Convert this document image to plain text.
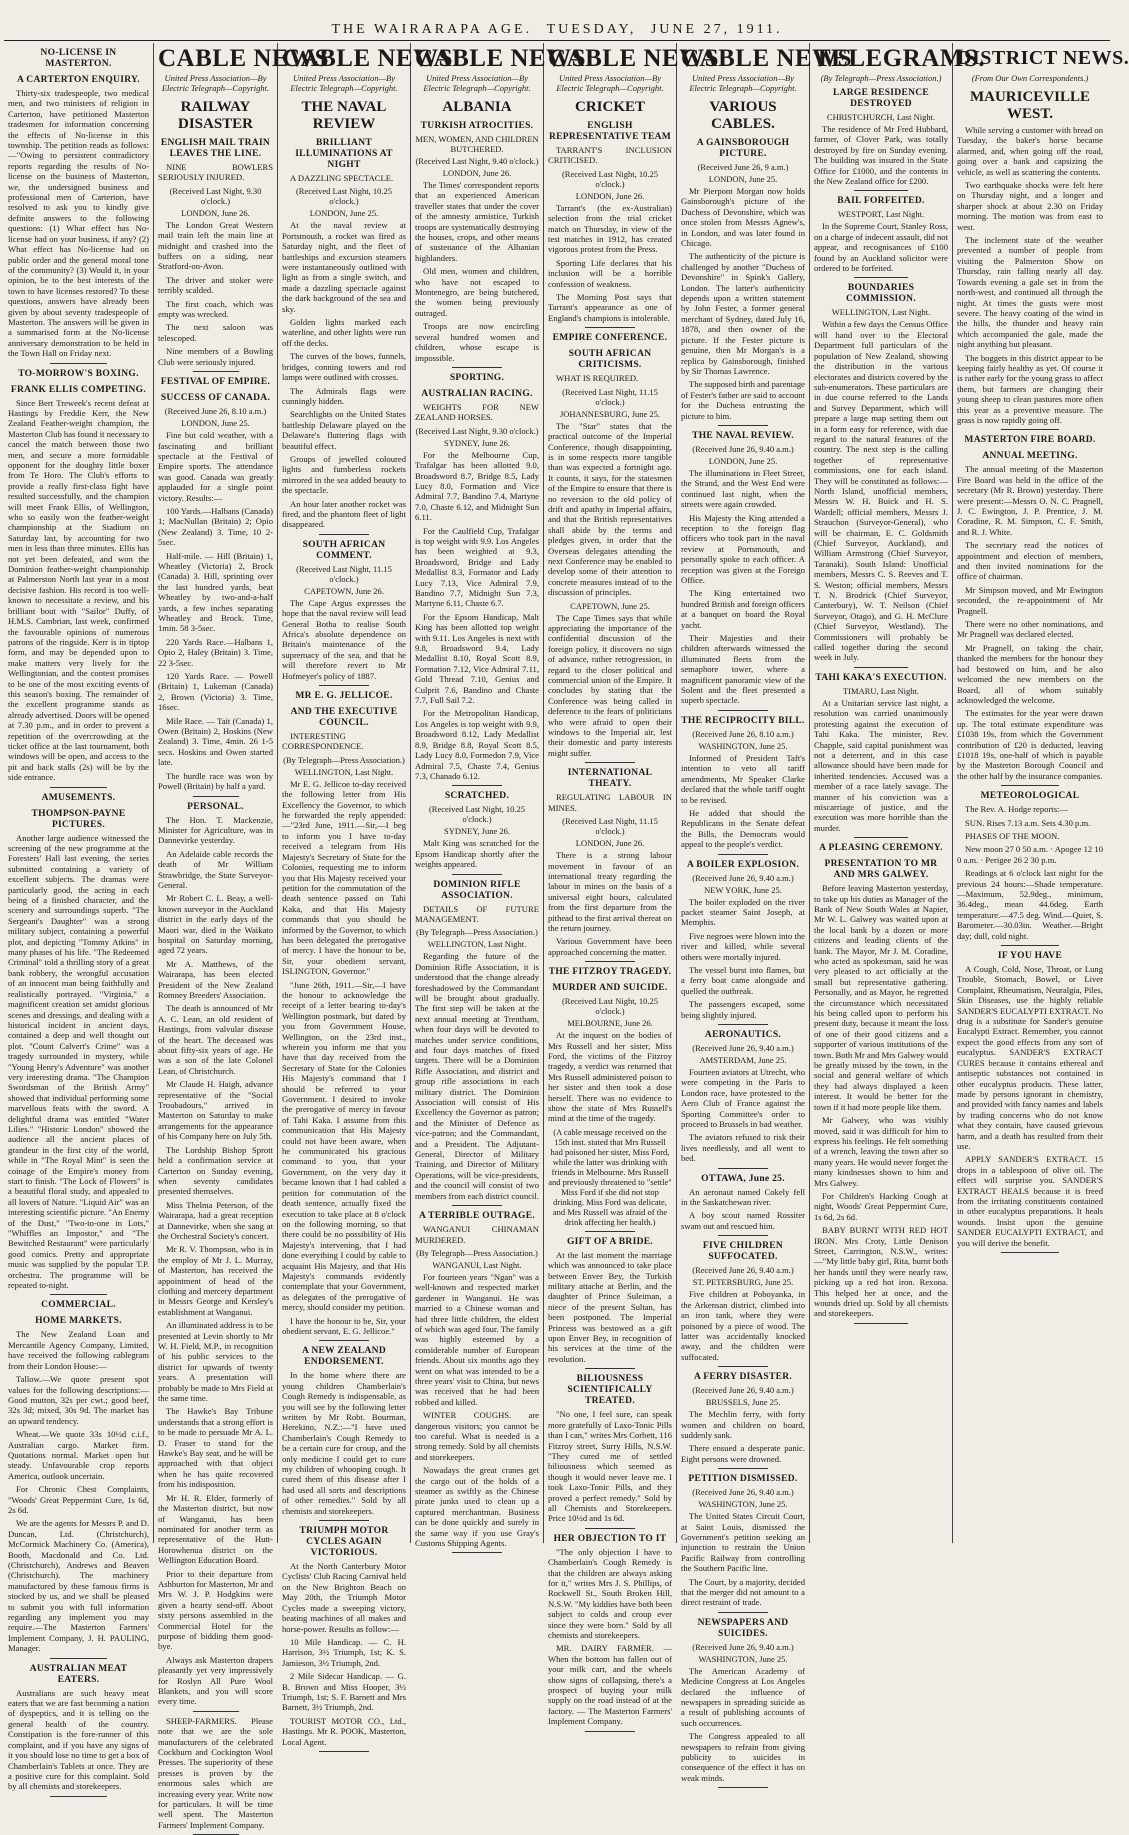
THE WAIRARAPA AGE. TUESDAY, JUNE 27, 1911.
NO-LICENSE IN MASTERTON.
A CARTERTON ENQUIRY.

Thirty-six tradespeople, two medical men, and two ministers of religion in Carterton, have petitioned Masterton tradesmen for information concerning the effects of No-license in this township. The petition reads as follows:—"Owing to persistent contradictory reports regarding the results of No-license on the business of Masterton, we, the undersigned business and professional men of Carterton, have resolved to ask you to kindly give definite answers to the following questions: (1) What effect has No-license had on your business, if any? (2) What effect has No-license had on public order and the general moral tone of the community? (3) Would it, in your opinion, be to the best interests of the town to have licenses restored? To these questions, answers have already been given by about seventy tradespeople of Masterton. The answers will be given in a summarised form at the No-license anniversary demonstration to be held in the Town Hall on Friday next.

TO-MORROW'S BOXING.
FRANK ELLIS COMPETING.

Since Bert Treweek's recent defeat at Hastings by Freddie Kerr, the New Zealand Feather-weight champion, the Masterton Club has found it necessary to cancel the match between those two men, and secure a more formidable opponent for the doughty little boxer from Te Horo. The Club's efforts to provide a really first-class fight have resulted successfully, and the champion will meet Frank Ellis, of Wellington, who so easily won the feather-weight championship at the Stadium on Saturday last, by accounting for two men in less than three minutes. Ellis has not yet been defeated, and won the Dominion feather-weight championship at Palmerston North last year in a most decisive fashion. His record is too well-known to necessitate a review, and his brilliant bout with "Sailor" Duffy, of H.M.S. Cambrian, last week, confirmed the favourable opinions of numerous patrons of the ringside. Kerr is in tiptop form, and may be depended upon to make matters very lively for the Wellingtonian, and the contest promises to be one of the most exciting events of this season's boxing. The remainder of the excellent programme stands as already advertised. Doors will be opened at 7.30 p.m., and in order to prevent a repetition of the overcrowding at the ticket office at the last tournament, both windows will be open, and access to the pit and back stalls (2s) will be by the side entrance.

AMUSEMENTS.
THOMPSON-PAYNE PICTURES.

Another large audience witnessed the screening of the new programme at the Foresters' Hall last evening, the series submitted containing a variety of excellent subjects. The dramas were particularly good, the acting in each being of a finished character, and the scenery and surroundings superb. "The Sergeant's Daughter" was a strong military subject, containing a powerful plot, and depicting "Tommy Atkins" in many phases of his life. "The Redeemed Criminal" told a thrilling story of a great bank robbery, the wrongful accusation of an innocent man being faithfully and realistically portrayed. "Virginia," a magnificent creation set amidst glorious scenes and dressings, and dealing with a historical incident in ancient days, contained a deep and well thought out plot. "Count Calvert's Crime" was a tragedy surrounded in mystery, while "Young Henry's Adventure" was another very interesting drama. "The Champion Swordsman of the British Army" showed that individual performing some marvellous feats with the sword. A delightful drama was entitled "Water Lilies." "Historic London" showed the audience all the ancient places of grandeur in the first city of the world, while in "The Royal Mint" is seen the coinage of the Empire's money from start to finish. "The Lock of Flowers" is a beautiful floral study, and appealed to all lovers of Nature. "Liquid Air" was an interesting scientific picture. "An Enemy of the Dust," "Two-to-one in Lots," "Whiffles an Impostor," and "The Bewitched Restaurant" were particularly good comics. Pretty and appropriate music was supplied by the popular T.P. orchestra. The programme will be repeated to-night.

COMMERCIAL.
HOME MARKETS.

The New Zealand Loan and Mercantile Agency Company, Limited, have received the following cablegram from their London House:—

Tallow.—We quote present spot values for the following descriptions:—Good mutton, 32s per cwt.; good beef, 32s 3d; mixed, 30s 9d. The market has an upward tendency.

Wheat.—We quote 33s 10½d c.i.f., Australian cargo. Market firm. Quotations normal. Market open but steady. Unfavourable crop reports America, outlook uncertain.

For Chronic Chest Complaints, "Woods' Great Peppermint Cure, 1s 6d, 2s 6d.

We are the agents for Messrs P. and D. Duncan, Ltd. (Christchurch), McCormick Machinery Co. (America), Booth, Macdonald and Co. Ltd. (Christchurch), Andrews and Beaven (Christchurch). The machinery manufactured by these famous firms is stocked by us, and we shall be pleased to submit you with full information regarding any implement you may require.—The Masterton Farmers' Implement Company, J. H. PAULING, Manager.

AUSTRALIAN MEAT EATERS.

Australians are such heavy meat eaters that we are fast becoming a nation of dyspeptics, and it is telling on the general health of the country. Constipation is the fore-runner of this complaint, and if you have any signs of it you should lose no time to get a box of Chamberlain's Tablets at once. They are a positive cure for this complaint. Sold by all chemists and storekeepers.

CABLE NEWS
United Press Association—By Electric Telegraph—Copyright.
RAILWAY DISASTER
ENGLISH MAIL TRAIN LEAVES THE LINE.

NINE BOWLERS SERIOUSLY INJURED.

(Received Last Night, 9.30 o'clock.)

LONDON, June 26.

The London Great Western mail train left the main line at midnight and crashed into the buffers on a siding, near Stratford-on-Avon.

The driver and stoker were terribly scalded.

The first coach, which was empty was wrecked.

The next saloon was telescoped.

Nine members of a Bowling Club were seriously injured.

FESTIVAL OF EMPIRE.
SUCCESS OF CANADA.

(Received June 26, 8.10 a.m.)

LONDON, June 25.

Fine but cold weather, with a fascinating and brilliant spectacle at the Festival of Empire sports. The attendance was good. Canada was greatly applauded for a single point victory. Results:—

100 Yards.—Halbans (Canada) 1; MacNullan (Britain) 2; Opio (New Zealand) 3. Time, 10 2-5sec.

Half-mile. — Hill (Britain) 1, Wheatley (Victoria) 2, Brock (Canada) 3. Hill, sprinting over the last hundred yards, beat Wheatley by two-and-a-half yards, a few inches separating Wheatley and Brock. Time, 1min. 58 3-5sec.

220 Yards Race.—Halbans 1, Opio 2, Haley (Britain) 3. Time, 22 3-5sec.

120 Yards Race. — Powell (Britain) 1, Lukeman (Canada) 2, Brown (Victoria) 3. Time, 16sec.

Mile Race. — Tait (Canada) 1, Owen (Britain) 2, Hoskins (New Zealand) 3. Time, 4min. 26 1-5 secs. Hoskins and Owen started late.

The hurdle race was won by Powell (Britain) by half a yard.

PERSONAL.

The Hon. T. Mackenzie, Minister for Agriculture, was in Dannevirke yesterday.

An Adelaide cable records the death of Mr William Strawbridge, the State Surveyor-General.

Mr Robert C. L. Beay, a well-known surveyor in the Auckland district in the early days of the Maori war, died in the Waikato hospital on Saturday morning, aged 72 years.

Mr A. Matthews, of the Wairarapa, has been elected President of the New Zealand Romney Breeders' Association.

The death is announced of Mr A. C. Lean, an old resident of Hastings, from valvular disease of the heart. The deceased was about fifty-six years of age. He was a son of the late Colonel Lean, of Christchurch.

Mr Claude H. Haigh, advance representative of the "Social Troubadours," arrived in Masterton on Saturday to make arrangements for the appearance of his Company here on July 5th.

The Lordship Bishop Sprott held a confirmation service at Carterton on Sunday evening, when seventy candidates presented themselves.

Miss Thelma Peterson, of the Wairarapa, had a great reception at Dannevirke, when she sang at the Orchestral Society's concert.

Mr R. V. Thompson, who is in the employ of Mr J. L. Murray, of Masterton, has received the appointment of head of the clothing and mercery department in Messrs George and Kersley's establishment at Wanganui.

An illuminated address is to be presented at Levin shortly to Mr W. H. Field, M.P., in recognition of his public services to the district for upwards of twenty years. A presentation will probably be made to Mrs Field at the same time.

The Hawke's Bay Tribune understands that a strong effort is to be made to persuade Mr A. L. D. Fraser to stand for the Hawke's Bay seat, and he will be approached with that object when he has quite recovered from his indisposition.

Mr H. R. Elder, formerly of the Masterton district, but now of Wanganui, has been nominated for another term as representative of the Hutt-Horowhenua district on the Wellington Education Board.

Prior to their departure from Ashburton for Masterton, Mr and Mrs W. J. P. Hodgkins were given a hearty send-off. About sixty persons assembled in the Commercial Hotel for the purpose of bidding them good-bye.

Always ask Masterton drapers pleasantly yet very impressively for Roslyn All Pure Wool Blankets, and you will score every time.

SHEEP-FARMERS. Please note that we are the sole manufacturers of the celebrated Cockburn and Cockington Wool Presses. The superiority of these presses is proven by the enormous sales which are increasing every year. Write now for particulars. It will be time well spent. The Masterton Farmers' Implement Company.

CABLE NEWS
United Press Association—By Electric Telegraph—Copyright.
THE NAVAL REVIEW
BRILLIANT ILLUMINATIONS AT NIGHT

A DAZZLING SPECTACLE.

(Received Last Night, 10.25 o'clock.)

LONDON, June 25.

At the naval review at Portsmouth, a rocket was fired as Saturday night, and the fleet of battleships and excursion steamers were instantaneously outlined with light as from a single switch, and made a dazzling spectacle against the dark background of the sea and sky.

Golden lights marked each waterline, and other lights were run off the decks.

The curves of the bows, funnels, bridges, conning towers and rod lamps were outlined with crosses.

The Admirals flags were cunningly hidden.

Searchlights on the United States battleship Delaware played on the Delaware's fluttering flags with beautiful effect.

Groups of jewelled coloured lights and fumberless rockets mirrored in the sea added beauty to the spectacle.

An hour later another rocket was fired, and the phantom fleet of light disappeared.

SOUTH AFRICAN COMMENT.

(Received Last Night, 11.15 o'clock.)

CAPETOWN, June 26.

The Cape Argus expresses the hope that the naval review will lead General Botha to realise South Africa's absolute dependence on Britain's maintenance of the supremacy of the sea, and that he will therefore revert to Mr Hofmeyer's policy of 1887.

MR E. G. JELLICOE.
AND THE EXECUTIVE COUNCIL.

INTERESTING CORRESPONDENCE.

(By Telegraph—Press Association.)

WELLINGTON, Last Night.

Mr E. G. Jellicoe to-day received the following letter from His Excellency the Governor, to which he forwarded the reply appended:—"23rd June, 1911.—Sir,—I beg to inform you I have to-day received a telegram from His Majesty's Secretary of State for the Colonies, requesting me to inform you that His Majesty received your petition for the commutation of the death sentence passed on Tahi Kaka, and that His Majesty commands that you should be informed by the Governor, to which has been delegated the prerogative of mercy. I have the honour to be, Sir, your obedient servant, ISLINGTON, Governor."

"June 26th, 1911.—Sir,—I have the honour to acknowledge the receipt of a letter bearing to-day's Wellington postmark, but dated by you from Government House, Wellington, on the 23rd inst., wherein you inform me that you have that day received from the Secretary of State for the Colonies His Majesty's command that I should be referred to your Government. I desired to invoke the prerogative of mercy in favour of Tahi Kaka. I assume from this communication that His Majesty could not have been aware, when he communicated his gracious command to you, that your Government, on the very day it became known that I had cabled a petition for commutation of the death sentence, actually fixed the execution to take place at 8 o'clock on the following morning, so that there could be no possibility of His Majesty's intervening, that I had done everything I could by cable to acquaint His Majesty, and that His Majesty's commands evidently contemplate that your Government, as delegates of the prerogative of mercy, should consider my petition.

I have the honour to be, Sir, your obedient servant, E. G. Jellicoe."

A NEW ZEALAND ENDORSEMENT.

In the home where there are young children Chamberlain's Cough Remedy is indispensable, as you will see by the following letter written by Mr Robt. Bourman, Herekino, N.Z.:—"I have used Chamberlain's Cough Remedy to be a certain cure for croup, and the only medicine I could get to cure my children of whooping cough. It cured them of this disease after I had used all sorts and descriptions of other remedies." Sold by all chemists and storekeepers.

TRIUMPH MOTOR CYCLES AGAIN VICTORIOUS.

At the North Canterbury Motor Cyclists' Club Racing Carnival held on the New Brighton Beach on May 20th, the Triumph Motor Cycles made a sweeping victory, beating machines of all makes and horse-power. Results as follow:—

10 Mile Handicap. — C. H. Harrison, 3½ Triumph, 1st; K. S. Jamieson, 3½ Triumph, 2nd.

2 Mile Sidecar Handicap. — G. B. Brown and Miss Hooper, 3½ Triumph, 1st; S. F. Barnett and Mrs Barnett, 3½ Triumph, 2nd.

TOURIST MOTOR CO., Ltd., Hastings. Mr R. POOK, Masterton, Local Agent.

CABLE NEWS
United Press Association—By Electric Telegraph—Copyright.
ALBANIA
TURKISH ATROCITIES.

MEN, WOMEN, AND CHILDREN BUTCHERED.

(Received Last Night, 9.40 o'clock.)

LONDON, June 26.

The Times' correspondent reports that an experienced American traveller states that under the cover of the amnesty armistice, Turkish troops are systematically destroying the houses, crops, and other means of sustenance of the Albanian highlanders.

Old men, women and children, who have not escaped to Montenegro, are being butchered, the women being previously outraged.

Troops are now encircling several hundred women and children, whose escape is impossible.

SPORTING.
AUSTRALIAN RACING.

WEIGHTS FOR NEW ZEALAND HORSES.

(Received Last Night, 9.30 o'clock.)

SYDNEY, June 26.

For the Melbourne Cup, Trafalgar has been allotted 9.0, Broadsword 8.7, Bridge 8.5, Lady Lucy 8.0, Formation and Vice Admiral 7.7, Bandino 7.4, Martyne 7.0, Chaste 6.12, and Midnight Sun 6.11.

For the Caulfield Cup, Trafalgar is top weight with 9.9. Los Angeles has been weighted at 9.3, Broadsword, Bridge and Lady Medallist 8.3, Formator and Lady Lucy 7.13, Vice Admiral 7.9, Bandino 7.7, Midnight Sun 7.3, Martyne 6.11, Chaste 6.7.

For the Epsom Handicap, Malt King has been allotted top weight with 9.11. Los Angeles is next with 9.8, Broadsword 9.4, Lady Medallist 8.10, Royal Scott 8.9, Formation 7.12, Vice Admiral 7.11, Gold Thread 7.10, Genius and Culprit 7.6, Bandino and Chaste 7.7, Full Sail 7.2.

For the Metropolitan Handicap, Los Angeles is top weight with 9.9, Broadsword 8.12, Lady Medallist 8.9, Bridge 8.8, Royal Scott 8.5, Lady Lucy 8.0, Formedon 7.9, Vice Admiral 7.5, Chaste 7.4, Genius 7.3, Chanado 6.12.

SCRATCHED.

(Received Last Night, 10.25 o'clock.)

SYDNEY, June 26.

Malt King was scratched for the Epsom Handicap shortly after the weights appeared.

DOMINION RIFLE ASSOCIATION.

DETAILS OF FUTURE MANAGEMENT.

(By Telegraph—Press Association.)

WELLINGTON, Last Night.

Regarding the future of the Dominion Rifle Association, it is understood that the change already foreshadowed by the Commandant will be brought about gradually. The first step will be taken at the next annual meeting at Trentham, when four days will be devoted to matches under service conditions, and four days matches of fixed targets. There will be a Dominion Rifle Association, and district and group rifle associations in each military district. The Dominion Association will consist of His Excellency the Governor as patron; and the Minister of Defence as vice-patron; and the Commandant, and a President. The Adjutant-General, Director of Military Training, and Director of Military Operations, will be vice-presidents, and the council will consist of two members from each district council.

A TERRIBLE OUTRAGE.

WANGANUI CHINAMAN MURDERED.

(By Telegraph—Press Association.)

WANGANUI, Last Night.

For fourteen years "Ngan" was a well-known and respected market gardener in Wanganui. He was married to a Chinese woman and had three little children, the eldest of which was aged four. The family was highly esteemed by a considerable number of European friends. About six months ago they went on what was intended to be a three years' visit to China, but news was received that he had been robbed and killed.

WINTER COUGHS. are dangerous visitors; you cannot be too careful. What is needed is a strong remedy. Sold by all chemists and storekeepers.

Nowadays the great cranes get the cargo out of the holds of a steamer as swiftly as the Chinese pirate junks used to clean up a captured merchantman. Business can be done quickly and surely in the same way if you use Gray's Customs Shipping Agents.

CABLE NEWS
United Press Association—By Electric Telegraph—Copyright.
CRICKET
ENGLISH REPRESENTATIVE TEAM

TARRANT'S INCLUSION CRITICISED.

(Received Last Night, 10.25 o'clock.)

LONDON, June 26.

Tarrant's (the ex-Australian) selection from the trial cricket match on Thursday, in view of the test matches in 1912, has created vigorous protest from the Press.

Sporting Life declares that his inclusion will be a horrible confession of weakness.

The Morning Post says that Tarrant's appearance as one of England's champions is intolerable.

EMPIRE CONFERENCE.
SOUTH AFRICAN CRITICISMS.

WHAT IS REQUIRED.

(Received Last Night, 11.15 o'clock.)

JOHANNESBURG, June 25.

The "Star" states that the practical outcome of the Imperial Conference, though disappointing, is in some respects more tangible than was expected a fortnight ago. It counts, it says, for the statesmen of the Empire to ensure that there is no reversion to the old policy of drift and apathy in Imperial affairs, and that the British representatives shall abide by the terms and pledges given, in order that the Overseas delegates attending the next Conference may be enabled to develop some of their attention to concrete measures instead of to the discussion of principles.

CAPETOWN, June 25.

The Cape Times says that while appreciating the importance of the confidential discussion of the foreign policy, it discovers no sign of advance, rather retrogression, in regard to the closer political and commercial union of the Empire. It concludes by stating that the Conference was being called in deference to the fears of politicians who were afraid to open their windows to the Imperial air, lest their domestic and party interests might suffer.

INTERNATIONAL THEATY.

REGULATING LABOUR IN MINES.

(Received Last Night, 11.15 o'clock.)

LONDON, June 26.

There is a strong labour movement in favour of an international treaty regarding the labour in mines on the basis of a universal eight hours, calculated from the first departure from the pithead to the first arrival thereat on the return journey.

Various Government have been approached concerning the matter.

THE FITZROY TRAGEDY.
MURDER AND SUICIDE.

(Received Last Night, 10.25 o'clock.)

MELBOURNE, June 26.

At the inquest on the bodies of Mrs Russell and her sister, Miss Ford, the victims of the Fitzroy tragedy, a verdict was returned that Mrs Russell administered poison to her sister and then took a dose herself. There was no evidence to show the state of Mrs Russell's mind at the time of the tragedy.

(A cable message received on the 15th inst. stated that Mrs Russell had poisoned her sister, Miss Ford, while the latter was drinking with friends in Melbourne. Mrs Russell and previously threatened to "settle" Miss Ford if she did not stop drinking. Miss Ford was delicate, and Mrs Russell was afraid of the drink affecting her health.)

GIFT OF A BRIDE.

At the last moment the marriage which was announced to take place between Enver Bey, the Turkish military attache at Berlin, and the daughter of Prince Suleiman, a niece of the present Sultan, has been postponed. The Imperial Princess was bestowed as a gift upon Enver Bey, in recognition of his services at the time of the revolution.

BILIOUSNESS SCIENTIFICALLY TREATED.

"No one, I feel sure, can speak more gratefully of Laxo-Tonic Pills than I can," writes Mrs Corbett, 116 Fitzroy street, Surry Hills, N.S.W. "They cured me of settled biliousness which seemed as though it would never leave me. I took Laxo-Tonic Pills, and they proved a perfect remedy." Sold by all Chemists and Storekeepers. Price 10½d and 1s 6d.

HER OBJECTION TO IT

"The only objection I have to Chamberlain's Cough Remedy is that the children are always asking for it," writes Mrs J. S. Phillips, of Rockwell St., South Broken Hill, N.S.W. "My kiddies have both been subject to colds and croup ever since they were born." Sold by all chemists and storekeepers.

MR. DAIRY FARMER. — When the bottom has fallen out of your milk cart, and the wheels show signs of collapsing, there's a prospect of buying your milk supply on the road instead of at the factory. — The Masterton Farmers' Implement Company.

CABLE NEWS
United Press Association—By Electric Telegraph—Copyright.
VARIOUS CABLES.
A GAINSBOROUGH PICTURE.

(Received June 26, 9 a.m.)

LONDON, June 25.

Mr Pierpont Morgan now holds Gainsborough's picture of the Duchess of Devonshire, which was once stolen from Messrs Agnew's, in London, and was later found in Chicago.

The authenticity of the picture is challenged by another "Duchess of Devonshire" in Spink's Gallery, London. The latter's authenticity depends upon a written statement by John Fester, a former general merchant of Sydney, dated July 16, 1878, and then owner of the picture. If the Fester picture is genuine, then Mr Morgan's is a replica by Gainsborough, finished by Sir Thomas Lawrence.

The supposed birth and parentage of Fester's father are said to account for the Duchess entrusting the picture to him.

THE NAVAL REVIEW.

(Received June 26, 9.40 a.m.)

LONDON, June 25.

The illuminations in Fleet Street, the Strand, and the West End were continued last night, when the streets were again crowded.

His Majesty the King attended a reception to the foreign flag officers who took part in the naval review at Portsmouth, and personally spoke to each officer. A reception was given at the Foreign Office.

The King entertained two hundred British and foreign officers at a banquet on board the Royal yacht.

Their Majesties and their children afterwards witnessed the illuminated fleets from the semaphore tower, where a magnificent panoramic view of the Solent and the fleet presented a superb spectacle.

THE RECIPROCITY BILL.

(Received June 26, 8.10 a.m.)

WASHINGTON, June 25.

Informed of President Taft's intention to veto all tariff amendments, Mr Speaker Clarke declared that the whole tariff ought to be revised.

He added that should the Republicans in the Senate defeat the Bills, the Democrats would appeal to the people's verdict.

A BOILER EXPLOSION.

(Received June 26, 9.40 a.m.)

NEW YORK, June 25.

The boiler exploded on the river packet steamer Saint Joseph, at Memphis.

Five negroes were blown into the river and killed, while several others were mortally injured.

The vessel burst into flames, but a ferry boat came alongside and quelled the outbreak.

The passengers escaped, some being slightly injured.

AERONAUTICS.

(Received June 26, 9.40 a.m.)

AMSTERDAM, June 25.

Fourteen aviators at Utrecht, who were competing in the Paris to London race, have protested to the Aero Club of France against the Sporting Committee's order to proceed to Brussels in bad weather.

The aviators refused to risk their lives needlessly, and all went to bed.

OTTAWA, June 25.

An aeronaut named Cokely fell in the Saskatchewan river.

A boy scout named Rossiter swam out and rescued him.

FIVE CHILDREN SUFFOCATED.

(Received June 26, 9.40 a.m.)

ST. PETERSBURG, June 25.

Five children at Poboyanka, in the Arkensan district, climbed into an iron tank, where they were poisoned by a piece of wood. The latter was accidentally knocked away, and the children were suffocated.

A FERRY DISASTER.

(Received June 26, 9.40 a.m.)

BRUSSELS, June 25.

The Mechlin ferry, with forty women and children on board, suddenly sank.

There ensued a desperate panic. Eight persons were drowned.

PETITION DISMISSED.

(Received June 26, 9.40 a.m.)

WASHINGTON, June 25.

The United States Circuit Court, at Saint Louis, dismissed the Government's petition seeking an injunction to restrain the Union Pacific Railway from controlling the Southern Pacific line.

The Court, by a majority, decided that the merger did not amount to a direct restraint of trade.

NEWSPAPERS AND SUICIDES.

(Received June 26, 9.40 a.m.)

WASHINGTON, June 25.

The American Academy of Medicine Congress at Los Angeles declared the influence of newspapers in spreading suicide as a result of publishing accounts of such occurrences.

The Congress appealed to all newspapers to refrain from giving publicity to suicides in consequence of the effect it has on weak minds.

TELEGRAMS.
(By Telegraph—Press Association.)
LARGE RESIDENCE DESTROYED

CHRISTCHURCH, Last Night.

The residence of Mr Fred Hubbard, farmer, of Clover Park, was totally destroyed by fire on Sunday evening. The building was insured in the State Office for £1000, and the contents in the New Zealand office for £200.

BAIL FORFEITED.

WESTPORT, Last Night.

In the Supreme Court, Stanley Ross, on a charge of indecent assault, did not appear, and recognisances of £100 found by an Auckland solicitor were ordered to be forfeited.

BOUNDARIES COMMISSION.

WELLINGTON, Last Night.

Within a few days the Census Office will hand over to the Electoral Department full particulars of the population of New Zealand, showing the distribution in the various electorates and districts covered by the sub-enumerators. These particulars are in due course referred to the Lands and Survey Department, which will prepare a large map setting them out in a form easy for reference, with due regard to the natural features of the country. The next step is the calling together of representative commissions, one for each island. They will be constituted as follows:—North Island, unofficial members, Messrs W. H. Buick and H. S. Wardell; official members, Messrs J. Strauchon (Surveyor-General), who will be chairman, E. C. Goldsmith (Chief Surveyor, Auckland), and William Armstrong (Chief Surveyor, Taranaki). South Island: Unofficial members, Messrs C. S. Reeves and T. S. Weston; official members, Messrs T. N. Brodrick (Chief Surveyor, Canterbury), W. T. Neilson (Chief Surveyor, Otago), and G. H. McClure (Chief Surveyor, Westland). The Commissioners will probably be called together during the second week in July.

TAHI KAKA'S EXECUTION.

TIMARU, Last Night.

At a Unitarian service last night, a resolution was carried unanimously protesting against the execution of Tahi Kaka. The minister, Rev. Chapple, said capital punishment was not a deterrent, and in this case allowance should have been made for inherited tendencies. Accused was a member of a race lately savage. The manner of his conviction was a miscarriage of justice, and the execution was more horrible than the murder.

A PLEASING CEREMONY.
PRESENTATION TO MR AND MRS GALWEY.

Before leaving Masterton yesterday, to take up his duties as Manager of the Bank of New South Wales at Napier, Mr W. L. Galwey was waited upon at the local bank by a dozen or more citizens and leading clients of the bank. The Mayor, Mr J. M. Coradine, who acted as spokesman, said he was very pleased to act officially at the small but representative gathering. Personally, and as Mayor, he regretted the circumstance which necessitated his being called upon to perform his present duty, because it meant the loss of one of their good citizens and a supporter of various institutions of the town. Both Mr and Mrs Galwey would be greatly missed by the town, in the social and general welfare of which they had always displayed a keen interest. It would be better for the town if it had more people like them.

Mr Galwey, who was visibly moved, said it was difficult for him to express his feelings. He felt something of a wrench, leaving the town after so many years. He would never forget the many kindnesses shown to him and Mrs Galwey.

For Children's Hacking Cough at night, Woods' Great Peppermint Cure, 1s 6d, 2s 6d.

BABY BURNT WITH RED HOT IRON. Mrs Croty, Little Denison Street, Carrington, N.S.W., writes:—"My little baby girl, Rita, burnt both her hands until they were nearly raw, picking up a red hot iron. Rexona. This helped her at once, and the wounds dried up. Sold by all chemists and storekeepers.

DISTRICT NEWS.
(From Our Own Correspondents.)
MAURICEVILLE WEST.

While serving a customer with bread on Tuesday, the baker's horse became alarmed, and, when going off the road, going over a bank and capsizing the vehicle, as well as scattering the contents.

Two earthquake shocks were felt here on Thursday night, and a longer and sharper shock at about 2.30 on Friday morning. The motion was from east to west.

The inclement state of the weather prevented a number of people from visiting the Palmerston Show on Thursday, rain falling nearly all day. Towards evening a gale set in from the north-west, and continued all through the night. At times the gusts were most severe. The heavy coating of the wind in the hills, the thunder and heavy rain which accompanied the gale, made the night anything but pleasant.

The boggets in this district appear to be keeping fairly healthy as yet. Of course it is rather early for the young grass to affect them, but farmers are changing their young sheep to clean pastures more often this year as a preventive measure. The grass is now rapidly going off.

MASTERTON FIRE BOARD.
ANNUAL MEETING.

The annual meeting of the Masterton Fire Board was held in the office of the secretary (Mr R. Brown) yesterday. There were present:—Messrs O. N. C. Pragnell, J. C. Ewington, J. P. Prentice, J. M. Coradine, R. M. Simpson, C. F. Smith, and R. J. White.

The secretary read the notices of appointment and election of members, and then invited nominations for the office of chairman.

Mr Simpson moved, and Mr Ewington seconded, the re-appointment of Mr Pragnell.

There were no other nominations, and Mr Pragnell was declared elected.

Mr Pragnell, on taking the chair, thanked the members for the honour they had bestowed on him, and he also welcomed the new members on the Board, all of whom suitably acknowledged the welcome.

The estimates for the year were drawn up. The total estimate expenditure was £1038 19s, from which the Government contribution of £20 is deducted, leaving £1018 19s, one-half of which is payable by the Masterton Borough Council and the other half by the insurance companies.

METEOROLOGICAL

The Rev. A. Hodge reports:—

SUN. Rises 7.13 a.m. Sets 4.30 p.m.

PHASES OF THE MOON.

New moon 27 0 50 a.m. · Apogee 12 10 0 a.m. · Perigee 26 2 30 p.m.

Readings at 6 o'clock last night for the previous 24 hours:—Shade temperature.—Maximum, 52.9deg., minimum, 36.4deg., mean 44.6deg. Earth temperature.—47.5 deg. Wind.—Quiet, S. Barometer.—30.03in. Weather.—Bright day; dull, cold night.

IF YOU HAVE

A Cough, Cold, Nose, Throat, or Lung Trouble, Stomach, Bowel, or Liver Complaint, Rheumatism, Neuralgia, Piles, Skin Diseases, use the highly reliable SANDER'S EUCALYPTI EXTRACT. No drug is a substitute for Sander's genuine Eucalypti Extract. Remember, you cannot expect the good effects from any sort of eucalyptus. SANDER'S EXTRACT CURES because it contains ethereal and antiseptic substances not contained in other eucalyptus products. These latter, made by persons ignorant in chemistry, and provided with fancy names and labels by trading concerns who do not know what they contain, have caused grievous harm, and a death has resulted from their use.

APPLY SANDER'S EXTRACT. 15 drops in a tablespoon of olive oil. The effect will surprise you. SANDER'S EXTRACT HEALS because it is freed from the irritating constituents contained in other eucalyptus preparations. It heals wounds. Insist upon the genuine SANDER EUCALYPTI EXTRACT, and you will derive the benefit.
